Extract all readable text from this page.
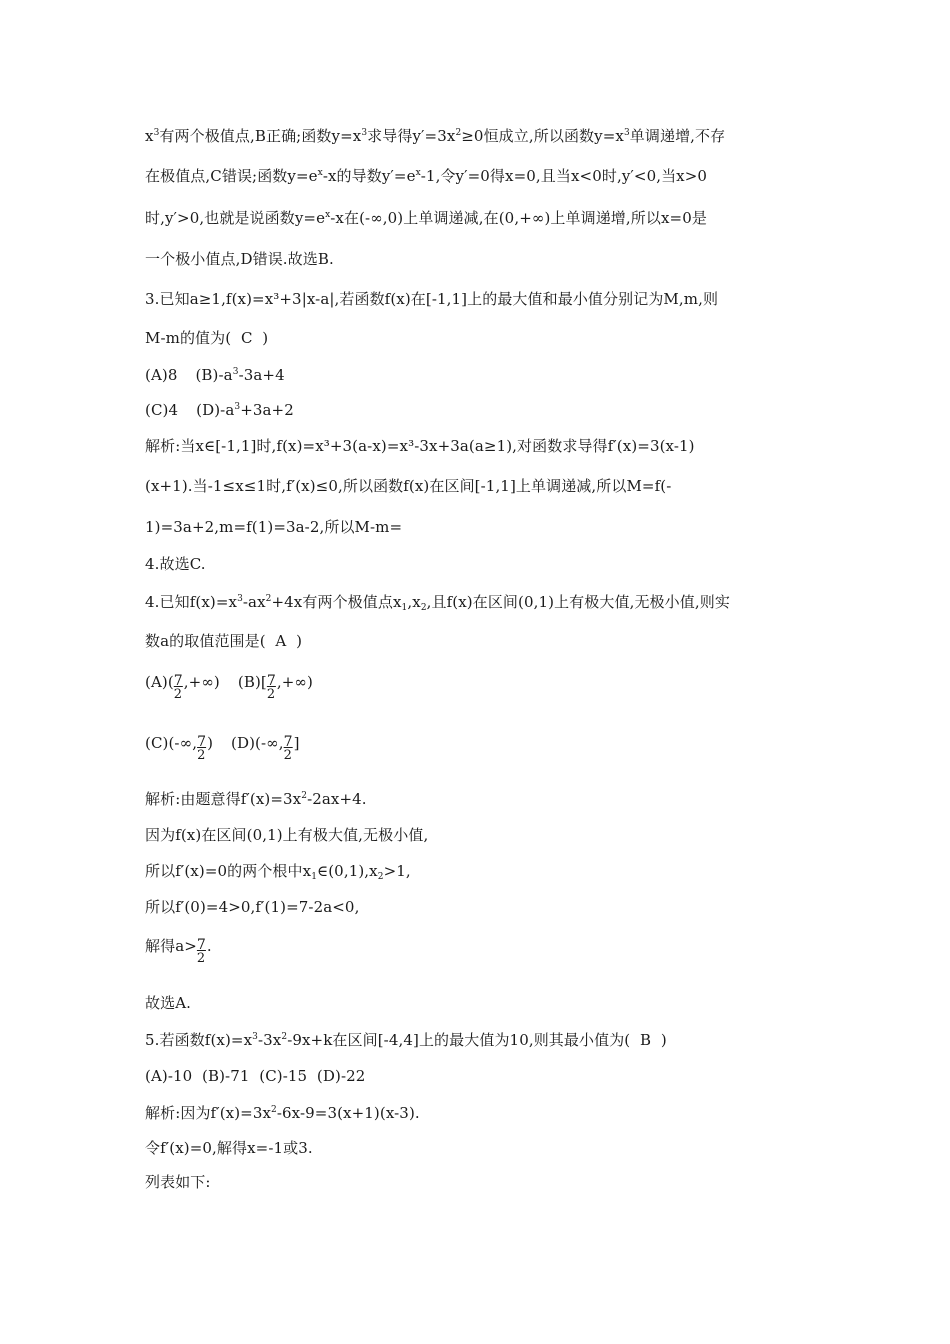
$x^3$有两个极值点,B正确;函数$y=x^3$求导得$y'=3x^2\ge 0$恒成立,所以函数$y=x^3$单调递增,不存
在极值点,C错误;函数$y=e^x-x$的导数$y'=e^x-1$,令y′=0得x=0,且当x<0时,y′<0,当x>0
时,y′>0,也就是说函数$y=e^x-x$在(-∞,0)上单调递减,在(0,+∞)上单调递增,所以x=0是
一个极小值点,D错误.故选B.
3.已知a≥1,f(x)=x³+3|x-a|,若函数f(x)在[-1,1]上的最大值和最小值分别记为M,m,则
M-m的值为(  C  )
(A)8 $(B)-a^3-3a+4$
(C)4 $(D)-a^3+3a+2$
解析:当x∈[-1,1]时,f(x)=x³+3(a-x)=x³-3x+3a(a≥1),对函数求导得f′(x)=3(x-1)
(x+1).当-1≤x≤1时,f′(x)≤0,所以函数f(x)在区间[-1,1]上单调递减,所以M=f(-
1)=3a+2,m=f(1)=3a-2,所以M-m=
4.故选C.
4.已知$f(x)=x^3-ax^2+4x$有两个极值点$x_1,x_2$,且f(x)在区间(0,1)上有极大值,无极小值,则实
数a的取值范围是(  A  )
$(A)( \frac{7}{2}$ ,+∞) $(B)[ \frac{7}{2}$ ,+∞)
(C)(-∞, $\frac{7}{2}$ ) (D)(-∞, $\frac{7}{2}$ ]
解析:由题意得$f'(x)=3x^2-2ax+4$.
因为f(x)在区间(0,1)上有极大值,无极小值,
所以f′(x)=0的两个根中$x_1\in(0,1),x_2>1$,
所以f′(0)=4>0,f′(1)=7-2a<0,
解得$a> \frac{7}{2}$ .
故选A.
5.若函数$f(x)=x^3-3x^2-9x+k$在区间[-4,4]上的最大值为10,则其最小值为(  B  )
(A)-10  (B)-71  (C)-15  (D)-22
解析:因为$f'(x)=3x^2-6x-9=3(x+1)(x-3)$.
令f′(x)=0,解得x=-1或3.
列表如下:
